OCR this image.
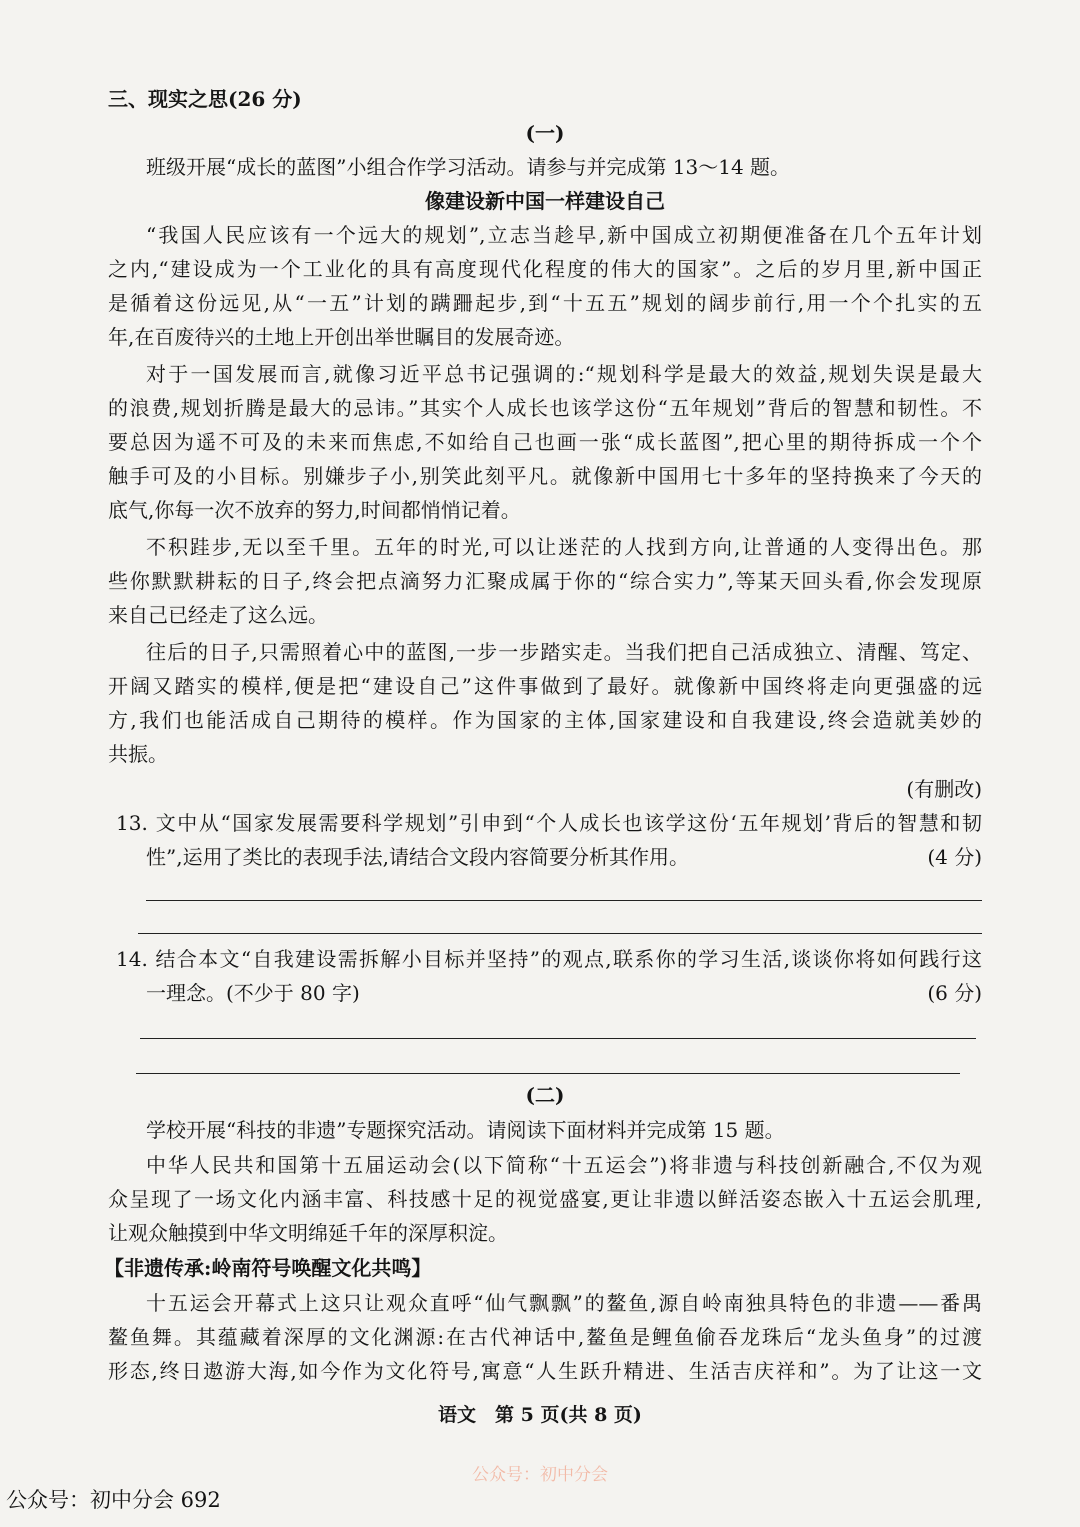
三、现实之思(26 分)
(一)
班级开展“成长的蓝图”小组合作学习活动。请参与并完成第 13～14 题。
像建设新中国一样建设自己
“我国人民应该有一个远大的规划”,立志当趁早,新中国成立初期便准备在几个五年计划
之内,“建设成为一个工业化的具有高度现代化程度的伟大的国家”。之后的岁月里,新中国正
是循着这份远见,从“一五”计划的蹒跚起步,到“十五五”规划的阔步前行,用一个个扎实的五
年,在百废待兴的土地上开创出举世瞩目的发展奇迹。
对于一国发展而言,就像习近平总书记强调的:“规划科学是最大的效益,规划失误是最大
的浪费,规划折腾是最大的忌讳。”其实个人成长也该学这份“五年规划”背后的智慧和韧性。不
要总因为遥不可及的未来而焦虑,不如给自己也画一张“成长蓝图”,把心里的期待拆成一个个
触手可及的小目标。别嫌步子小,别笑此刻平凡。就像新中国用七十多年的坚持换来了今天的
底气,你每一次不放弃的努力,时间都悄悄记着。
不积跬步,无以至千里。五年的时光,可以让迷茫的人找到方向,让普通的人变得出色。那
些你默默耕耘的日子,终会把点滴努力汇聚成属于你的“综合实力”,等某天回头看,你会发现原
来自己已经走了这么远。
往后的日子,只需照着心中的蓝图,一步一步踏实走。当我们把自己活成独立、清醒、笃定、
开阔又踏实的模样,便是把“建设自己”这件事做到了最好。就像新中国终将走向更强盛的远
方,我们也能活成自己期待的模样。作为国家的主体,国家建设和自我建设,终会造就美妙的
共振。
(有删改)
13. 文中从“国家发展需要科学规划”引申到“个人成长也该学这份‘五年规划’背后的智慧和韧
性”,运用了类比的表现手法,请结合文段内容简要分析其作用。	(4 分)
14. 结合本文“自我建设需拆解小目标并坚持”的观点,联系你的学习生活,谈谈你将如何践行这
一理念。(不少于 80 字)	(6 分)
(二)
学校开展“科技的非遗”专题探究活动。请阅读下面材料并完成第 15 题。
中华人民共和国第十五届运动会(以下简称“十五运会”)将非遗与科技创新融合,不仅为观
众呈现了一场文化内涵丰富、科技感十足的视觉盛宴,更让非遗以鲜活姿态嵌入十五运会肌理,
让观众触摸到中华文明绵延千年的深厚积淀。
【非遗传承:岭南符号唤醒文化共鸣】
十五运会开幕式上这只让观众直呼“仙气飘飘”的鳌鱼,源自岭南独具特色的非遗——番禺
鳌鱼舞。其蕴藏着深厚的文化渊源:在古代神话中,鳌鱼是鲤鱼偷吞龙珠后“龙头鱼身”的过渡
形态,终日遨游大海,如今作为文化符号,寓意“人生跃升精进、生活吉庆祥和”。为了让这一文
语文　第 5 页(共 8 页)
公众号：初中分会
公众号：初中分会 692
